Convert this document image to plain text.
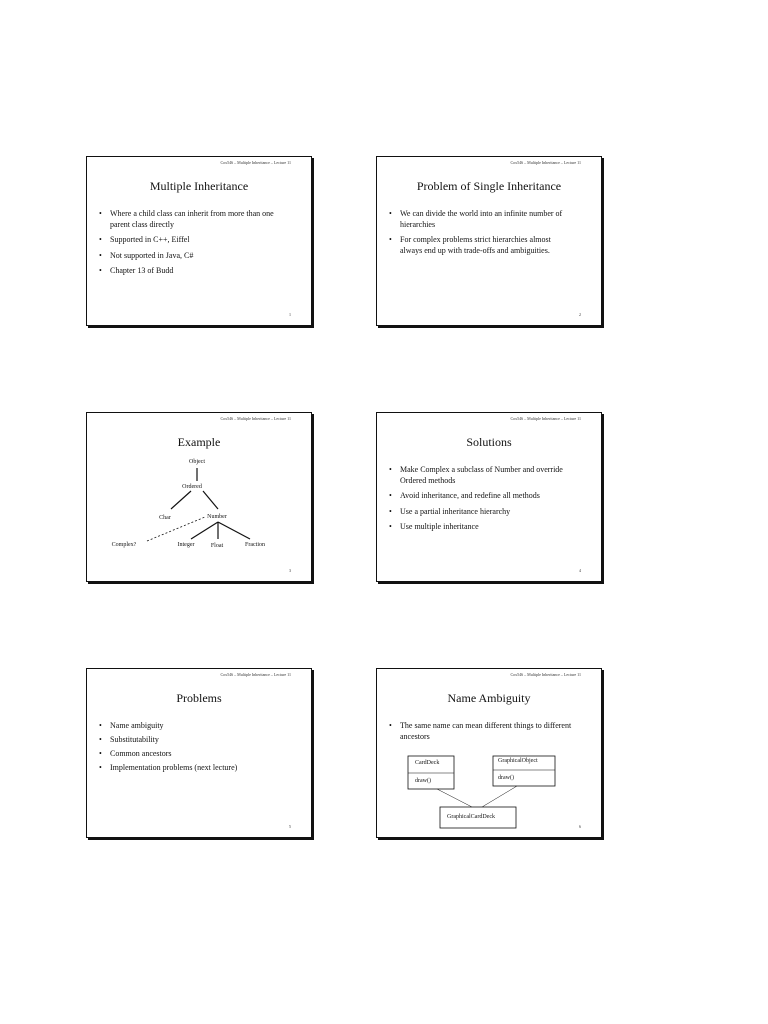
Cox546 – Multiple Inheritance – Lecture 11
Multiple Inheritance
• Where a child class can inherit from more than one parent class directly
• Supported in C++, Eiffel
• Not supported in Java, C#
• Chapter 13 of Budd
1
Cox546 – Multiple Inheritance – Lecture 11
Problem of Single Inheritance
• We can divide the world into an infinite number of hierarchies
• For complex problems strict hierarchies almost always end up with trade-offs and ambiguities.
2
Cox546 – Multiple Inheritance – Lecture 11
Example
Object
Ordered
Char	Number
Complex?	Integer	Float	Fraction
3
Cox546 – Multiple Inheritance – Lecture 11
Solutions
• Make Complex a subclass of Number and override Ordered methods
• Avoid inheritance, and redefine all methods
• Use a partial inheritance hierarchy
• Use multiple inheritance
4
Cox546 – Multiple Inheritance – Lecture 11
Problems
• Name ambiguity
• Substitutability
• Common ancestors
• Implementation problems (next lecture)
5
Cox546 – Multiple Inheritance – Lecture 11
Name Ambiguity
• The same name can mean different things to different ancestors
CardDeck
draw()
GraphicalObject
draw()
GraphicalCardDeck
6
